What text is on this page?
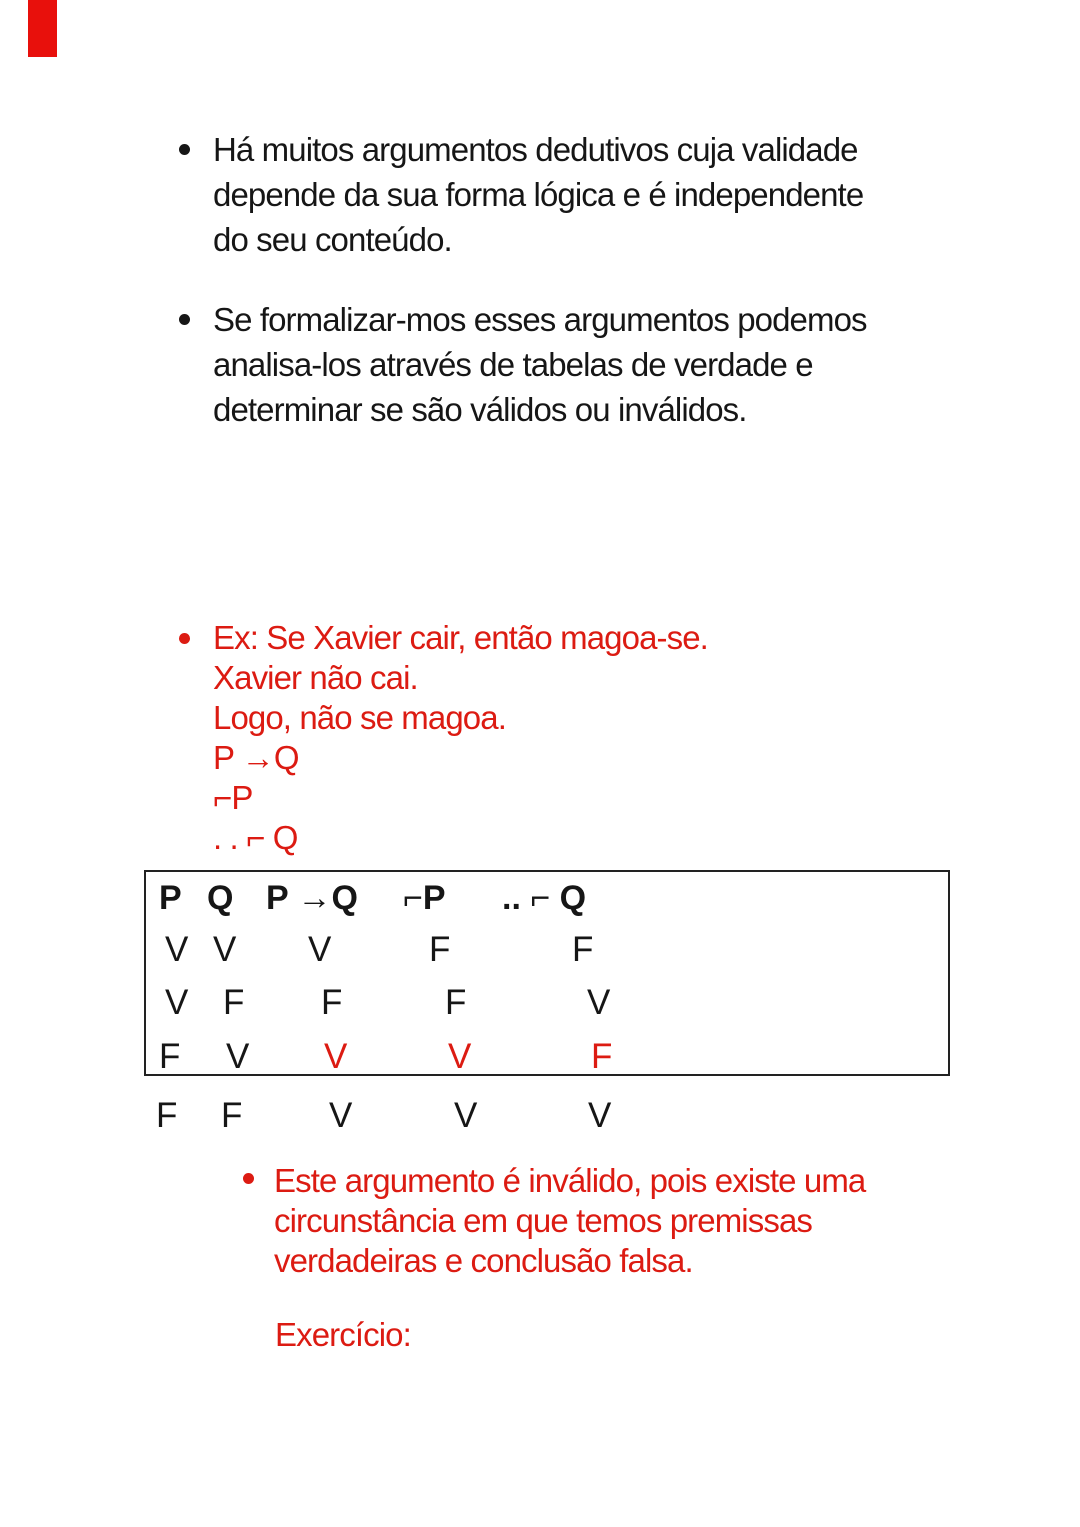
Há muitos argumentos dedutivos cuja validade
depende da sua forma lógica e é independente
do seu conteúdo.
Se formalizar-mos esses argumentos podemos
analisa-los através de tabelas de verdade e
determinar se são válidos ou inválidos.
Ex: Se Xavier cair, então magoa-se.
Xavier não cai.
Logo, não se magoa.
P →Q
⌐P
. . ⌐ Q
P Q P →Q ⌐P .. ⌐ Q
V V V	F	F
V F F	F	V
F V V	V	F
F F V	V	V
Este argumento é inválido, pois existe uma
circunstância em que temos premissas
verdadeiras e conclusão falsa.
Exercício:
